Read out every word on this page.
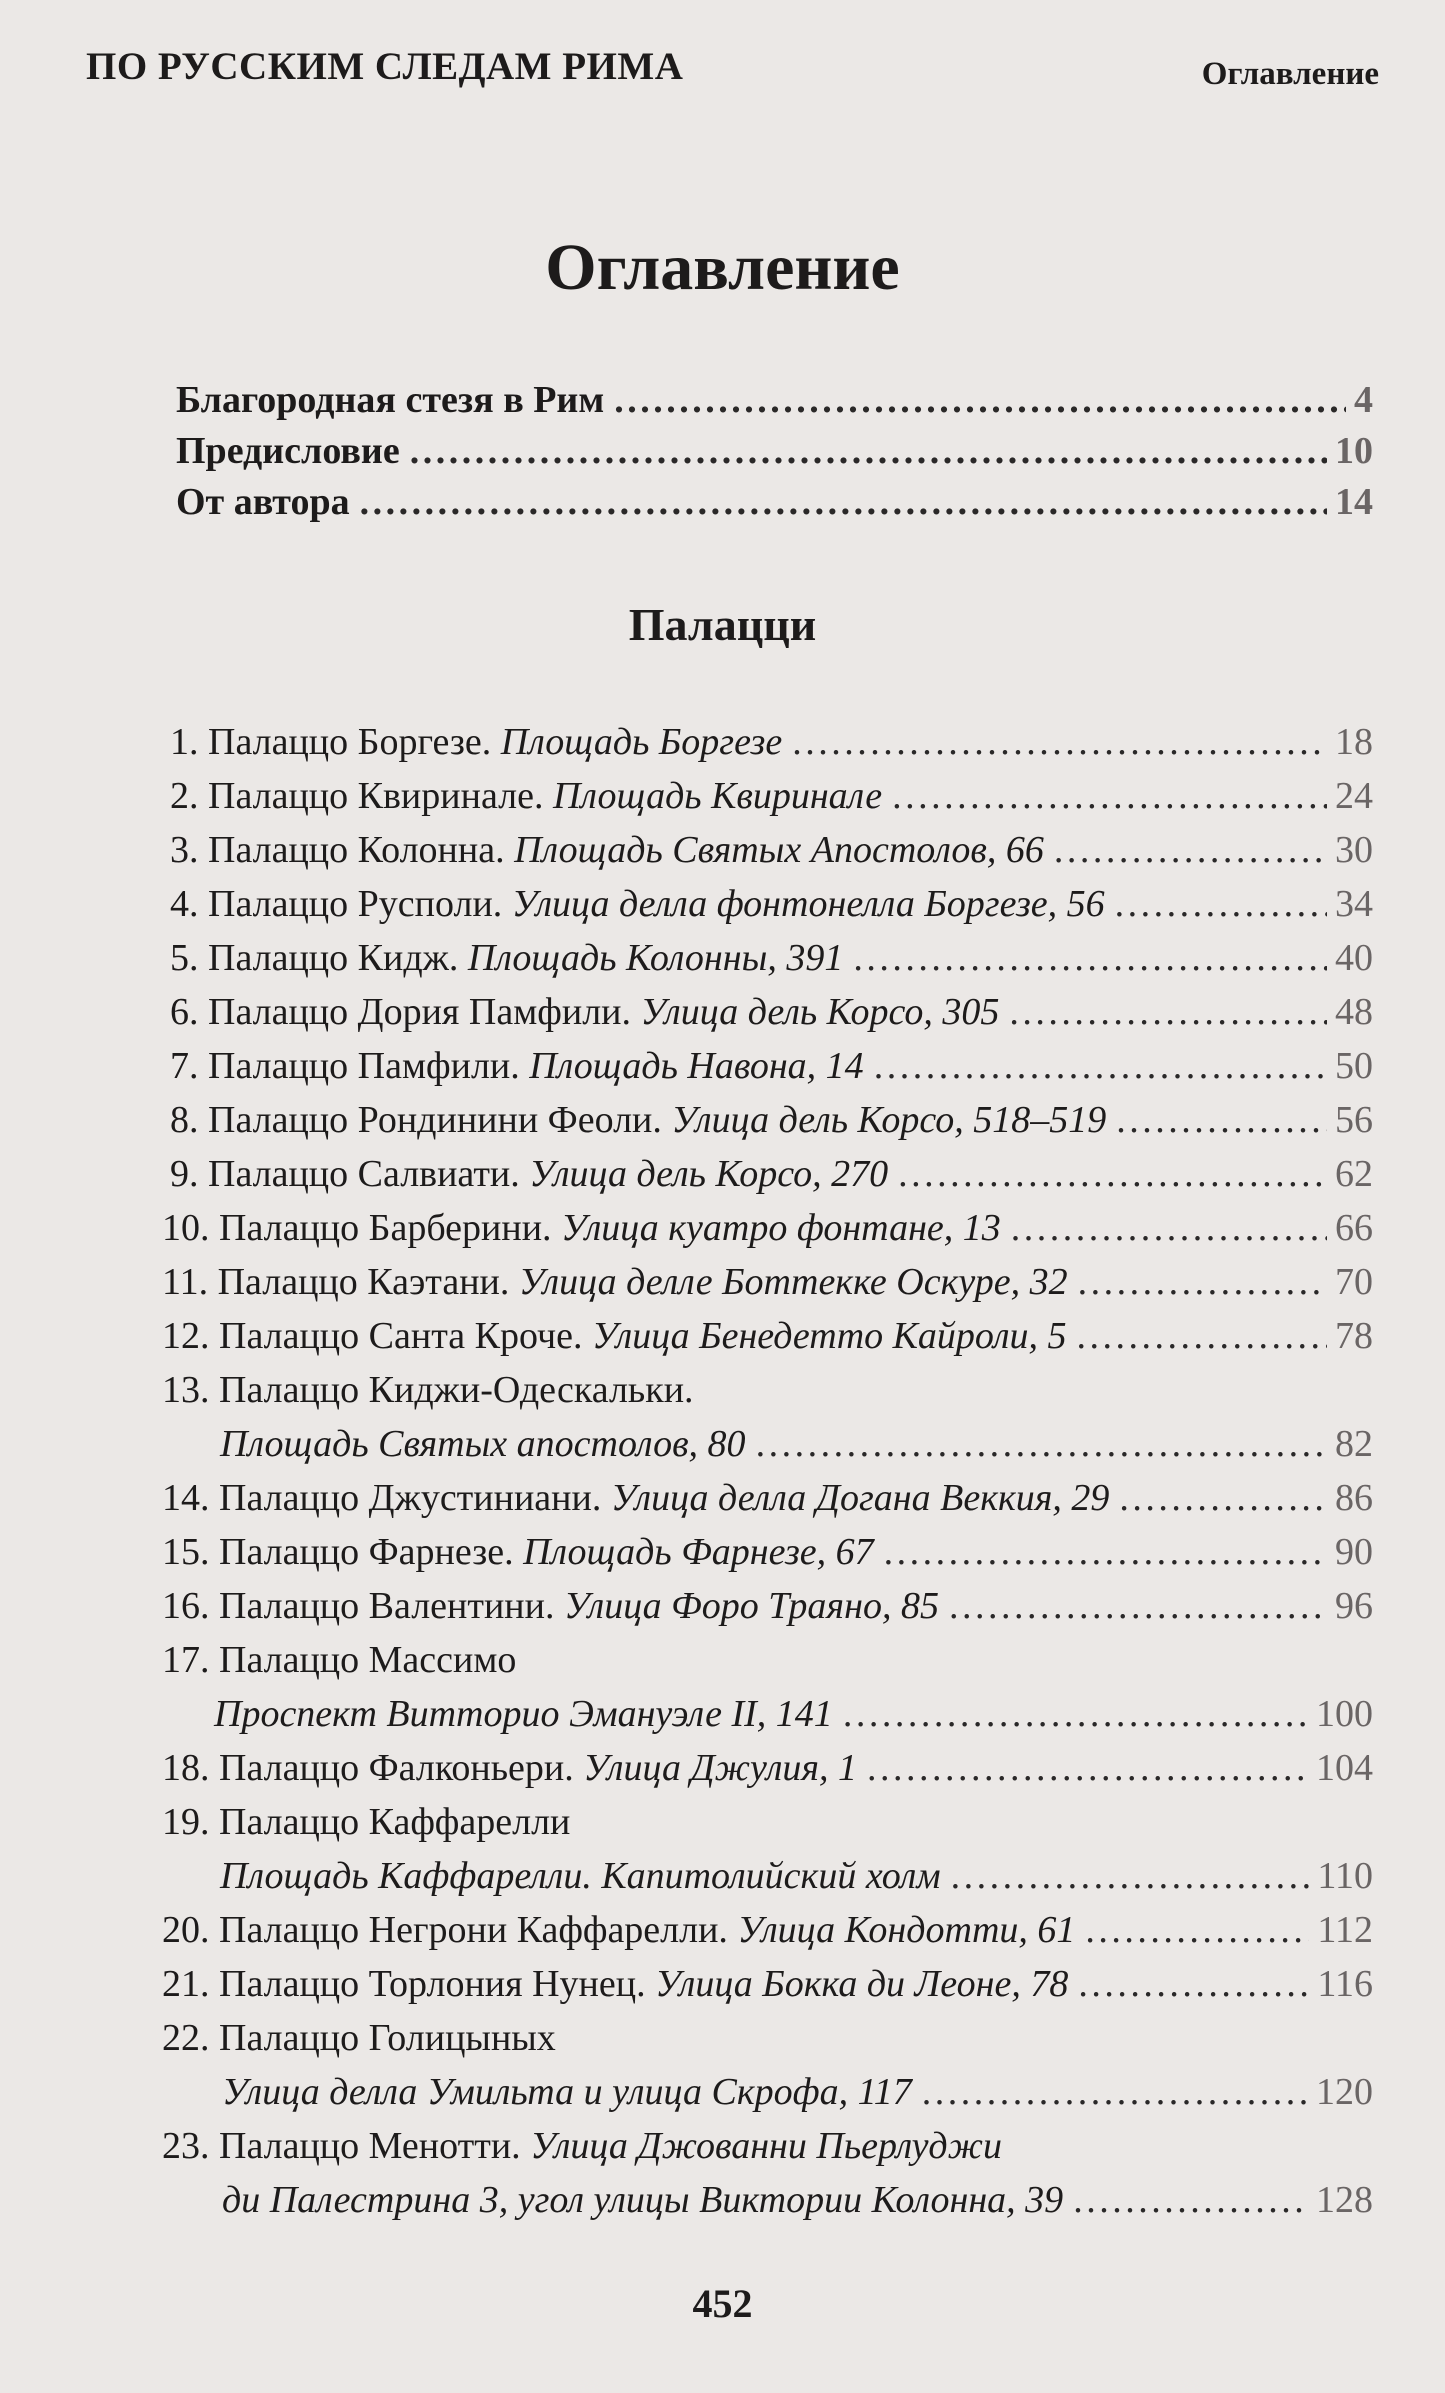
ПО РУССКИМ СЛЕДАМ РИМА	Оглавление
Оглавление
Благородная стезя в Рим . . .	4
Предисловие . . .	10
От автора . . .	14
Палацци
1.
Палаццо Боргезе.
Площадь Боргезе . . .	18
2.
Палаццо Квиринале.
Площадь Квиринале . . .	24
3.
Палаццо Колонна.
Площадь Святых Апостолов, 66 . . .	30
4.
Палаццо Русполи.
Улица делла фонтонелла Боргезе, 56 . . .	34
5.
Палаццо Кидж.
Площадь Колонны, 391 . . .	40
6.
Палаццо Дория Памфили.
Улица дель Корсо, 305 . . .	48
7.
Палаццо Памфили.
Площадь Навона, 14 . . .	50
8.
Палаццо Рондинини Феоли.
Улица дель Корсо, 518–519 . . .	56
9.
Палаццо Салвиати.
Улица дель Корсо, 270 . . .	62
10.
Палаццо Барберини.
Улица куатро фонтане, 13 . . .	66
11.
Палаццо Каэтани.
Улица делле Боттекке Оскуре, 32 . . .	70
12.
Палаццо Санта Кроче.
Улица Бенедетто Кайроли, 5 . . .	78
13.
Палаццо Киджи-Одескальки.
Площадь Святых апостолов, 80 . . .	82
14.
Палаццо Джустиниани.
Улица делла Догана Веккия, 29 . . .	86
15.
Палаццо Фарнезе.
Площадь Фарнезе, 67 . . .	90
16.
Палаццо Валентини.
Улица Форо Траяно, 85 . . .	96
17.
Палаццо Массимо
Проспект Витторио Эмануэле II, 141 . . .	100
18.
Палаццо Фалконьери.
Улица Джулия, 1 . . .	104
19.
Палаццо Каффарелли
Площадь Каффарелли. Капитолийский холм . . .	110
20.
Палаццо Негрони Каффарелли.
Улица Кондотти, 61 . . .	112
21.
Палаццо Торлония Нунец.
Улица Бокка ди Леоне, 78 . . .	116
22.
Палаццо Голицыных
Улица делла Умильта и улица Скрофа, 117 . . .	120
23.
Палаццо Менотти.
Улица Джованни Пьерлуджи
ди Палестрина 3, угол улицы Виктории Колонна, 39 . . .	128
452
